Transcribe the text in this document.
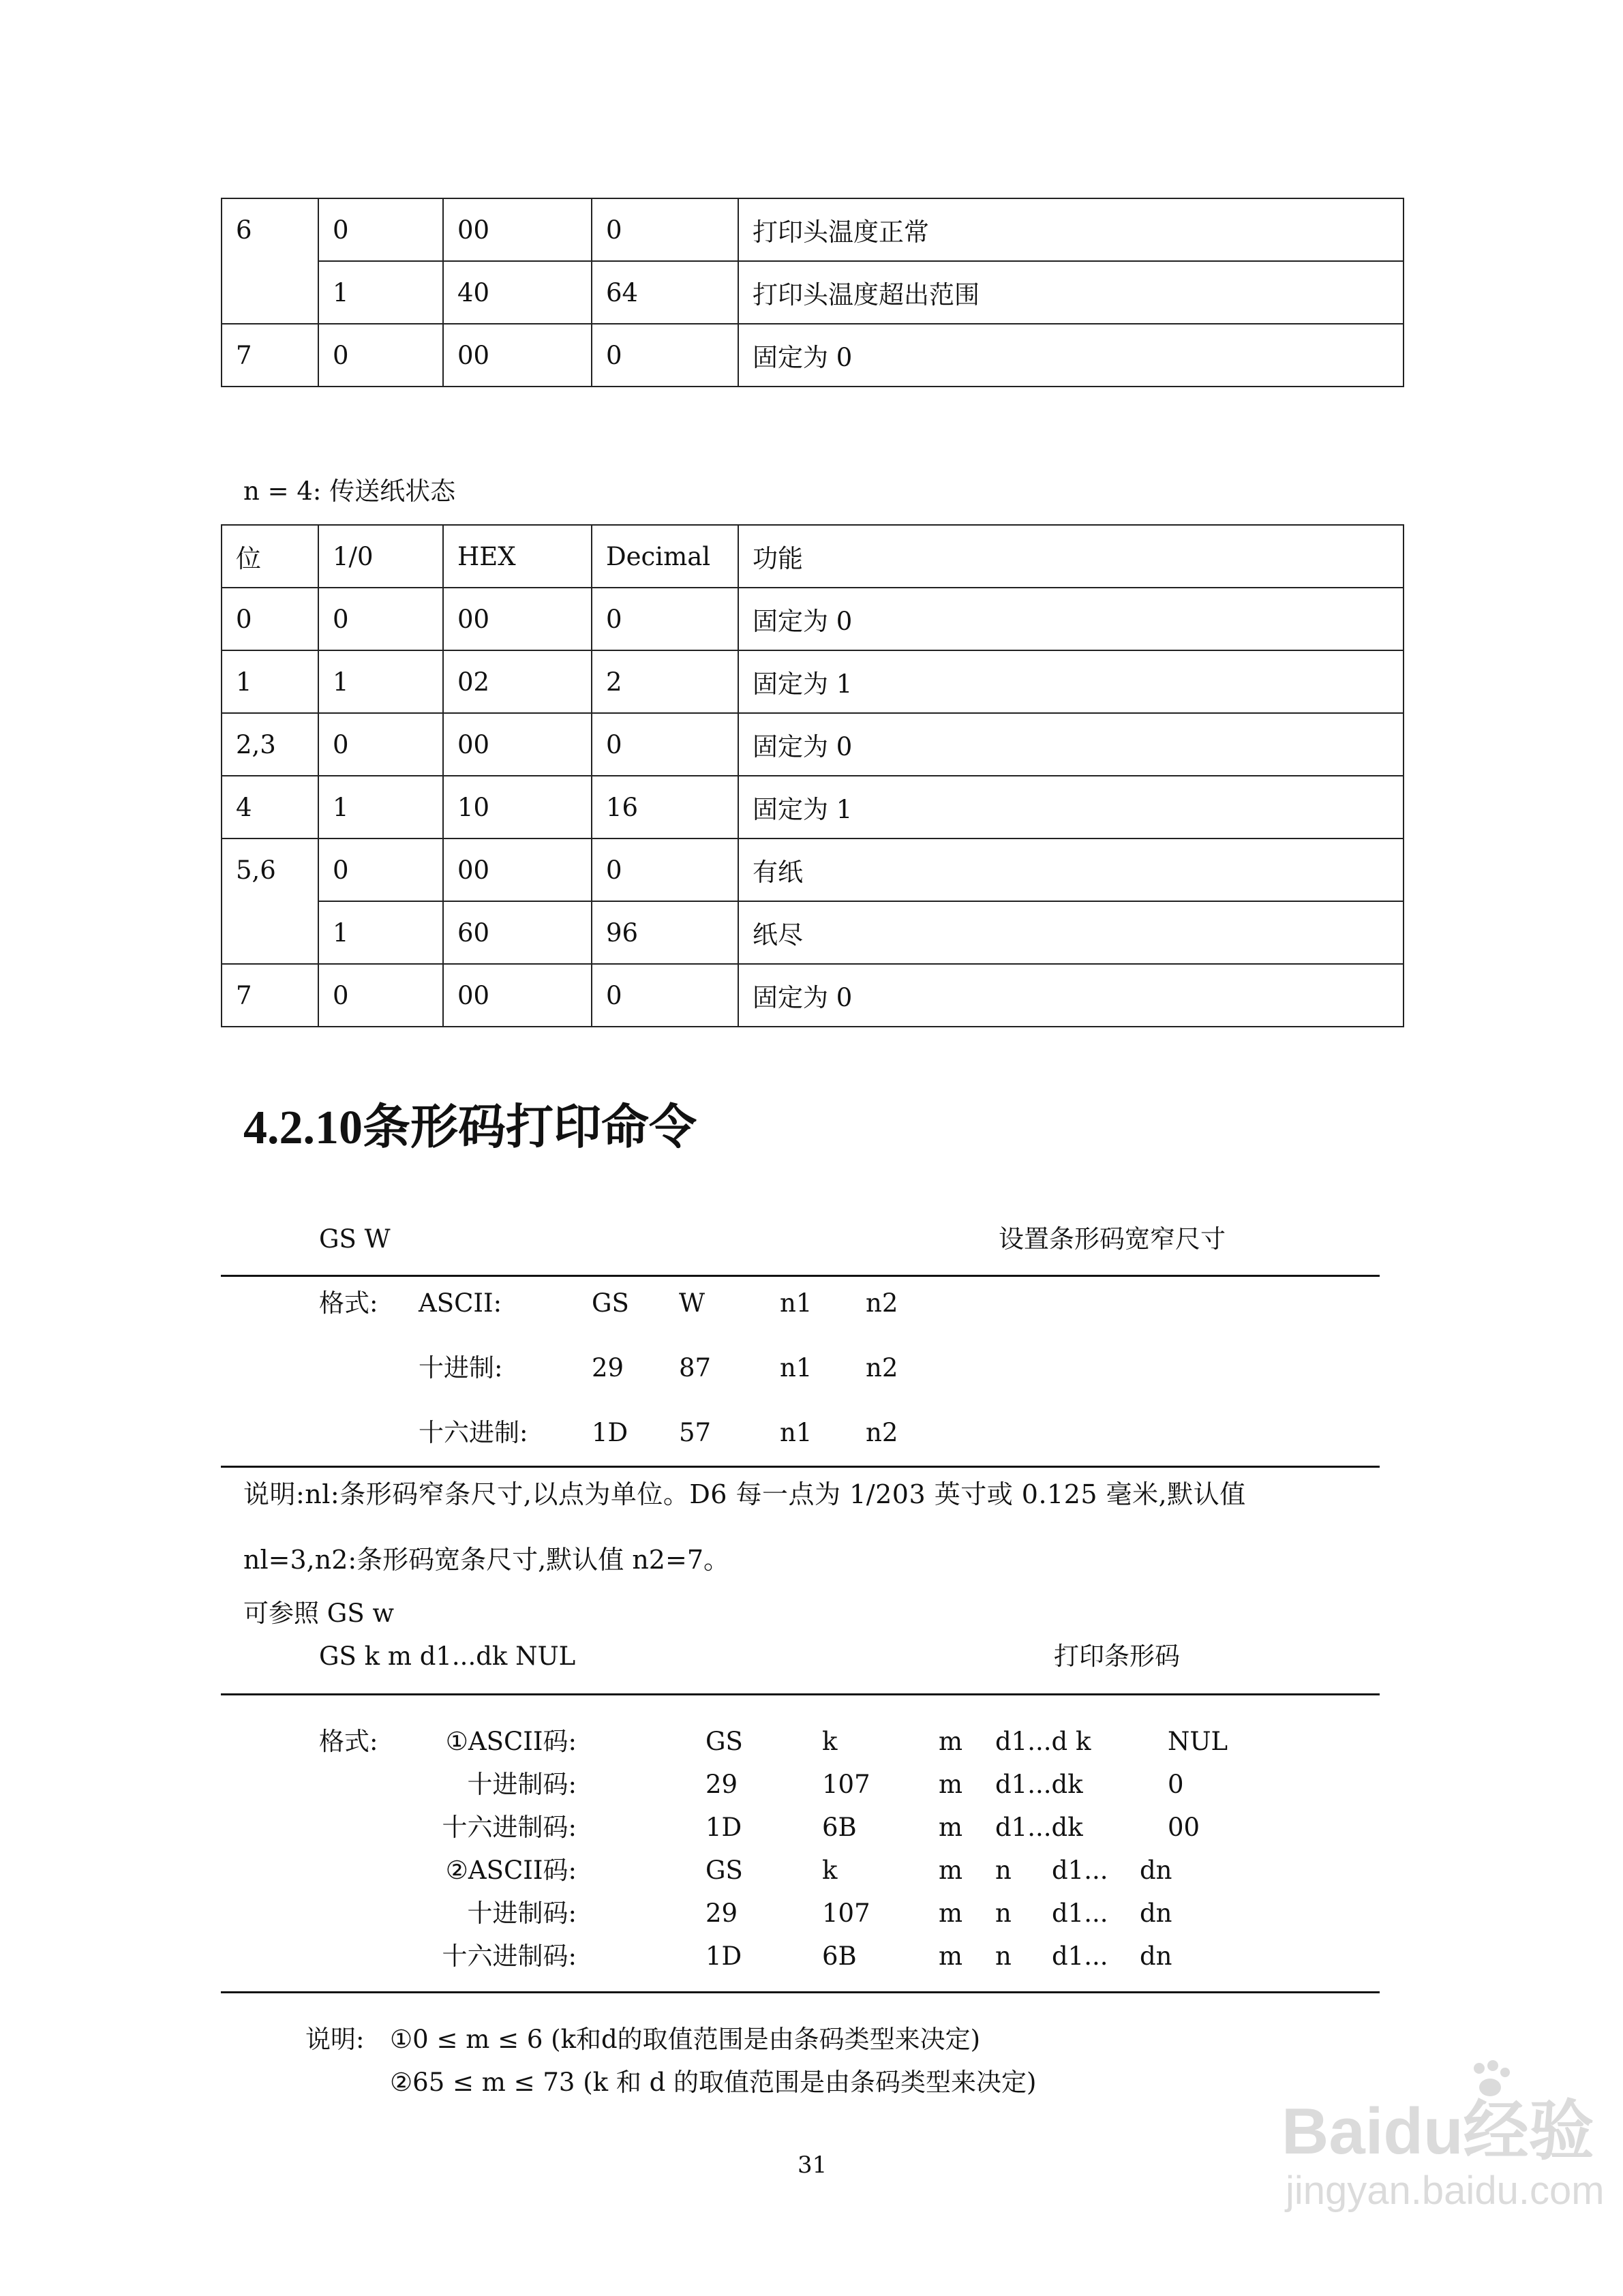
6	0	00	0	打印头温度正常
	1	40	64	打印头温度超出范围
7	0	00	0	固定为 0
n = 4: 传送纸状态
位	1/0	HEX	Decimal	功能
0	0	00	0	固定为 0
1	1	02	2	固定为 1
2,3	0	00	0	固定为 0
4	1	10	16	固定为 1
5,6	0	00	0	有纸
	1	60	96	纸尽
7	0	00	0	固定为 0
4.2.10条形码打印命令
GS W	设置条形码宽窄尺寸
格式: ASCII:	GS W	n1 n2
十进制:	29 87	n1 n2
十六进制:	1D 57	n1 n2
说明:nl:条形码窄条尺寸,以点为单位。D6 每一点为 1/203 英寸或 0.125 毫米,默认值
nl=3,n2:条形码宽条尺寸,默认值 n2=7。
可参照 GS w
GS k m d1...dk NUL	打印条形码
格式:	①ASCII码:	GS	k	m d1...d k	NUL
十进制码:	29	107	m d1...dk	0
十六进制码:	1D	6B	m d1...dk	00
②ASCII码:	GS	k	m n d1... dn
十进制码:	29	107	m n d1... dn
十六进制码:	1D	6B	m n d1... dn
说明: ①0 ≤ m ≤ 6 (k和d的取值范围是由条码类型来决定)
②65 ≤ m ≤ 73 (k 和 d 的取值范围是由条码类型来决定)
31	Baidu经验
jingyan.baidu.com
